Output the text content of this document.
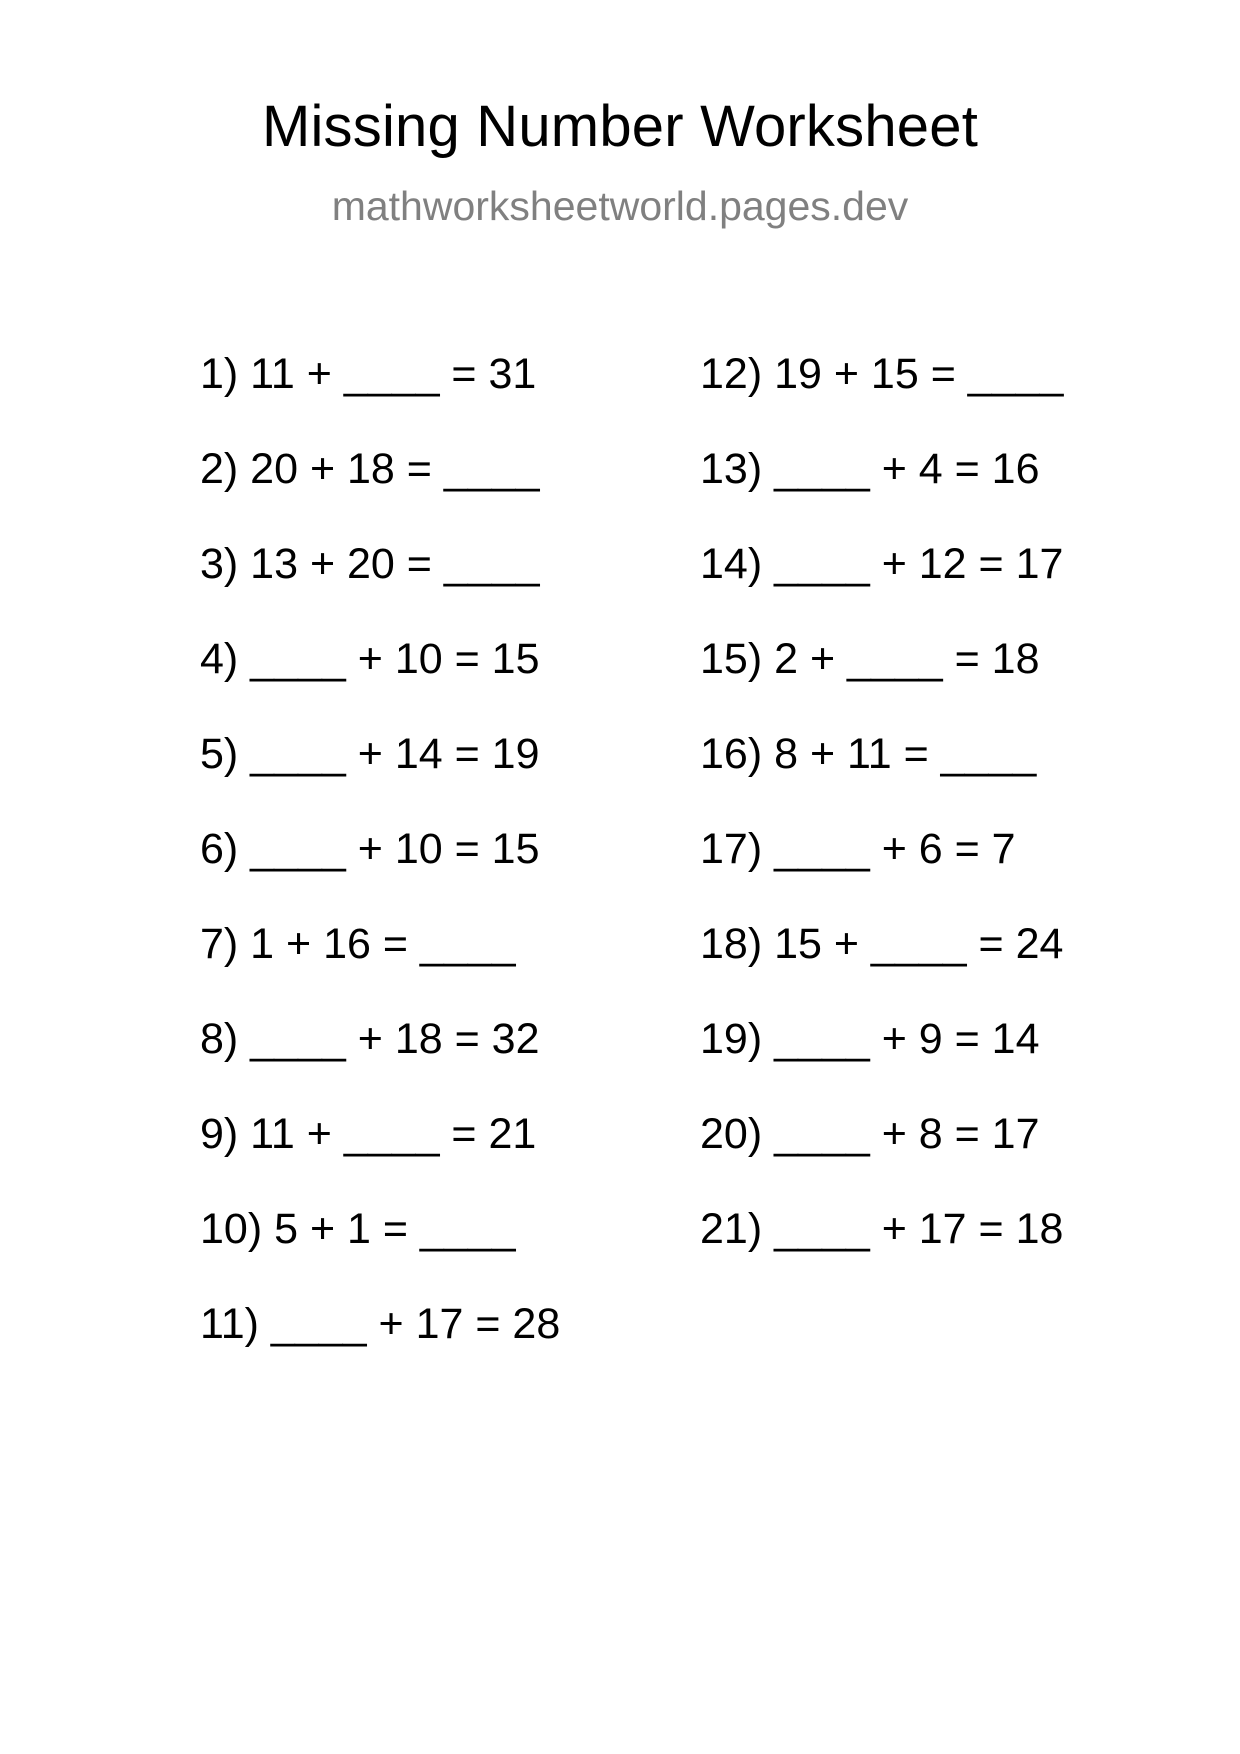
Missing Number Worksheet
mathworksheetworld.pages.dev
1) 11 + ____ = 31
2) 20 + 18 = ____
3) 13 + 20 = ____
4) ____ + 10 = 15
5) ____ + 14 = 19
6) ____ + 10 = 15
7) 1 + 16 = ____
8) ____ + 18 = 32
9) 11 + ____ = 21
10) 5 + 1 = ____
11) ____ + 17 = 28
12) 19 + 15 = ____
13) ____ + 4 = 16
14) ____ + 12 = 17
15) 2 + ____ = 18
16) 8 + 11 = ____
17) ____ + 6 = 7
18) 15 + ____ = 24
19) ____ + 9 = 14
20) ____ + 8 = 17
21) ____ + 17 = 18
